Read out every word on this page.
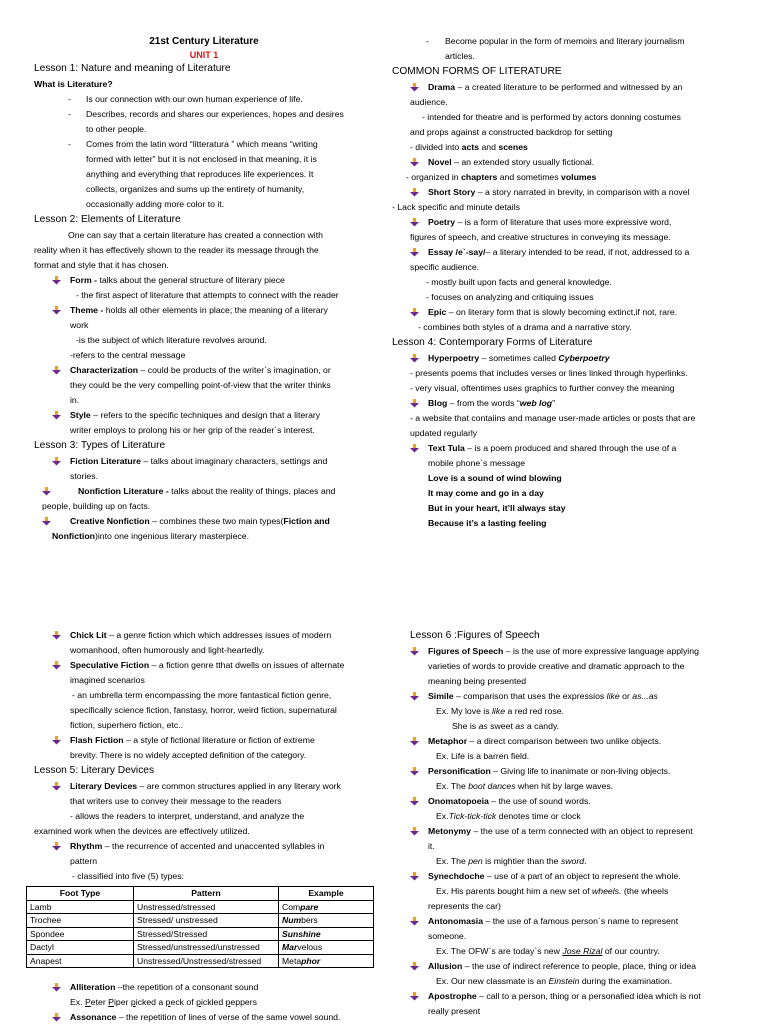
21st Century Literature
UNIT 1
Lesson 1: Nature and meaning of Literature
What is Literature?
- Is our connection with our own human experience of life.
- Describes, records and shares our experiences, hopes and desires
to other people.
- Comes from the latin word “litteratura ” which means “writing
formed with letter” but it is not enclosed in that meaning, it is
anything and everything that reproduces life experiences. It
collects, organizes and sums up the entirety of humanity,
occasionally adding more color to it.
Lesson 2: Elements of Literature
One can say that a certain literature has created a connection with
reality when it has effectively shown to the reader its message through the
format and style that it has chosen.
Form - talks about the general structure of literary piece
- the first aspect of literature that attempts to connect with the reader
Theme - holds all other elements in place; the meaning of a literary
work
-is the subject of which literature revolves around.
-refers to the central message
Characterization – could be products of the writer`s imagination, or
they could be the very compelling point-of-view that the writer thinks
in.
Style – refers to the specific techniques and design that a literary
writer employs to prolong his or her grip of the reader`s interest.
Lesson 3: Types of Literature
Fiction Literature – talks about imaginary characters, settings and
stories.
Nonfiction Literature - talks about the reality of things, places and
people, building up on facts.
Creative Nonfiction – combines these two main types(Fiction and
Nonfiction)into one ingenious literary masterpiece.
- Become popular in the form of memoirs and literary journalism
articles.
COMMON FORMS OF LITERATURE
Drama – a created literature to be performed and witnessed by an
audience.
- intended for theatre and is performed by actors donning costumes
and props against a constructed backdrop for setting
- divided into acts and scenes
Novel – an extended story usually fictional.
- organized in chapters and sometimes volumes
Short Story – a story narrated in brevity, in comparison with a novel
- Lack specific and minute details
Poetry – is a form of literature that uses more expressive word,
figures of speech, and creative structures in conveying its message.
Essay /e`-say/– a literary intended to be read, if not, addressed to a
specific audience.
- mostly built upon facts and general knowledge.
- focuses on analyzing and critiquing issues
Epic – on literary form that is slowly becoming extinct,if not, rare.
- combines both styles of a drama and a narrative story.
Lesson 4: Contemporary Forms of Literature
Hyperpoetry – sometimes called Cyberpoetry
- presents poems that includes verses or lines linked through hyperlinks.
- very visual, oftentimes uses graphics to further convey the meaning
Blog – from the words “web log”
- a website that contaiins and manage user-made articles or posts that are
updated regularly
Text Tula – is a poem produced and shared through the use of a
mobile phone`s message
Love is a sound of wind blowing
It may come and go in a day
But in your heart, it’ll always stay
Because it’s a lasting feeling
Chick Lit – a genre fiction which which addresses issues of modern
womanhood, often humorously and light-heartedly.
Speculative Fiction – a fiction genre tthat dwells on issues of alternate
imagined scenarios
- an umbrella term encompassing the more fantastical fiction genre,
specifically science fiction, fanstasy, horror, weird fiction, supernatural
fiction, superhero fiction, etc..
Flash Fiction – a style of fictional literature or fiction of extreme
brevity. There is no widely accepted definition of the category.
Lesson 5: Literary Devices
Literary Devices – are common structures applied in any literary work
that writers use to convey their message to the readers
- allows the readers to interpret, understand, and analyze the
examined work when the devices are effectively utilized.
Rhythm – the recurrence of accented and unaccented syllables in
pattern
- classified into five (5) types:
Foot Type	Pattern	Example
Lamb	Unstressed/stressed	Compare
Trochee	Stressed/ unstressed	Numbers
Spondee	Stressed/Stressed	Sunshine
Dactyl	Stressed/unstressed/unstressed	Marvelous
Anapest	Unstressed/Unstressed/stressed	Metaphor
Alliteration –the repetition of a consonant sound
Ex. Peter Piper picked a peck of pickled peppers
Assonance – the repetition of lines of verse of the same vowel sound.
Lesson 6 :Figures of Speech
Figures of Speech – is the use of more expressive language applying
varieties of words to provide creative and dramatic approach to the
meaning being presented
Simile – comparison that uses the expressios like or as...as
Ex. My love is like a red red rose.
She is as sweet as a candy.
Metaphor – a direct comparison between two unlike objects.
Ex. Life is a barren field.
Personification – Giving life to inanimate or non-living objects.
Ex. The boot dances when hit by large waves.
Onomatopoeia – the use of sound words.
Ex.Tick-tick-tick denotes time or clock
Metonymy – the use of a term connected with an object to represent
it.
Ex. The pen is mightier than the sword.
Synechdoche – use of a part of an object to represent the whole.
Ex. His parents bought him a new set of wheels. (the wheels
represents the car)
Antonomasia – the use of a famous person`s name to represent
someone.
Ex. The OFW`s are today`s new Jose Rizal of our country.
Allusion – the use of indirect reference to people, place, thing or idea
Ex. Our new classmate is an Einstein during the examination.
Apostrophe – call to a person, thing or a personafied idea which is not
really present
